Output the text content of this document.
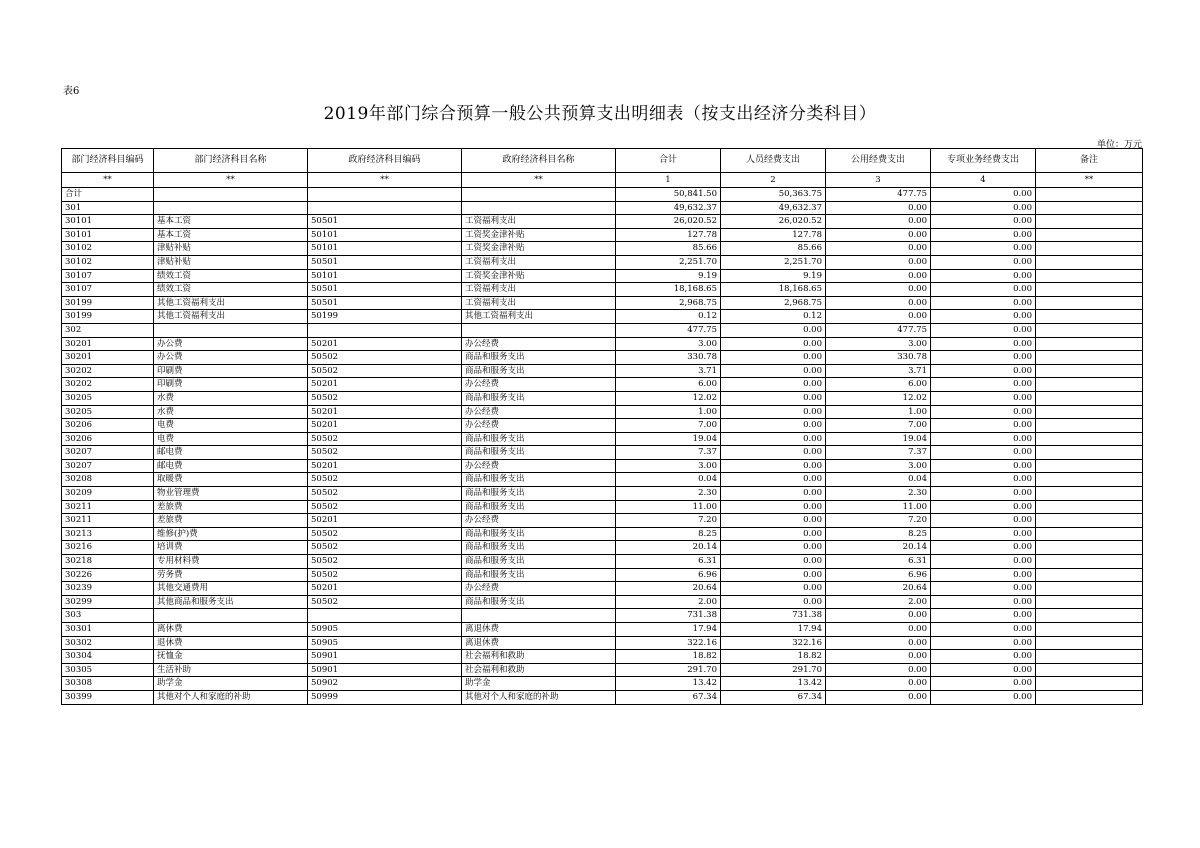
表6
2019年部门综合预算一般公共预算支出明细表（按支出经济分类科目）
单位：万元
部门经济科目编码	部门经济科目名称	政府经济科目编码	政府经济科目名称	合计	人员经费支出	公用经费支出	专项业务经费支出	备注
**	**	**	**	1	2	3	4	**
合计				50,841.50	50,363.75	477.75	0.00	
301				49,632.37	49,632.37	0.00	0.00	
30101	基本工资	50501	工资福利支出	26,020.52	26,020.52	0.00	0.00	
30101	基本工资	50101	工资奖金津补贴	127.78	127.78	0.00	0.00	
30102	津贴补贴	50101	工资奖金津补贴	85.66	85.66	0.00	0.00	
30102	津贴补贴	50501	工资福利支出	2,251.70	2,251.70	0.00	0.00	
30107	绩效工资	50101	工资奖金津补贴	9.19	9.19	0.00	0.00	
30107	绩效工资	50501	工资福利支出	18,168.65	18,168.65	0.00	0.00	
30199	其他工资福利支出	50501	工资福利支出	2,968.75	2,968.75	0.00	0.00	
30199	其他工资福利支出	50199	其他工资福利支出	0.12	0.12	0.00	0.00	
302				477.75	0.00	477.75	0.00	
30201	办公费	50201	办公经费	3.00	0.00	3.00	0.00	
30201	办公费	50502	商品和服务支出	330.78	0.00	330.78	0.00	
30202	印刷费	50502	商品和服务支出	3.71	0.00	3.71	0.00	
30202	印刷费	50201	办公经费	6.00	0.00	6.00	0.00	
30205	水费	50502	商品和服务支出	12.02	0.00	12.02	0.00	
30205	水费	50201	办公经费	1.00	0.00	1.00	0.00	
30206	电费	50201	办公经费	7.00	0.00	7.00	0.00	
30206	电费	50502	商品和服务支出	19.04	0.00	19.04	0.00	
30207	邮电费	50502	商品和服务支出	7.37	0.00	7.37	0.00	
30207	邮电费	50201	办公经费	3.00	0.00	3.00	0.00	
30208	取暖费	50502	商品和服务支出	0.04	0.00	0.04	0.00	
30209	物业管理费	50502	商品和服务支出	2.30	0.00	2.30	0.00	
30211	差旅费	50502	商品和服务支出	11.00	0.00	11.00	0.00	
30211	差旅费	50201	办公经费	7.20	0.00	7.20	0.00	
30213	维修(护)费	50502	商品和服务支出	8.25	0.00	8.25	0.00	
30216	培训费	50502	商品和服务支出	20.14	0.00	20.14	0.00	
30218	专用材料费	50502	商品和服务支出	6.31	0.00	6.31	0.00	
30226	劳务费	50502	商品和服务支出	6.96	0.00	6.96	0.00	
30239	其他交通费用	50201	办公经费	20.64	0.00	20.64	0.00	
30299	其他商品和服务支出	50502	商品和服务支出	2.00	0.00	2.00	0.00	
303				731.38	731.38	0.00	0.00	
30301	离休费	50905	离退休费	17.94	17.94	0.00	0.00	
30302	退休费	50905	离退休费	322.16	322.16	0.00	0.00	
30304	抚恤金	50901	社会福利和救助	18.82	18.82	0.00	0.00	
30305	生活补助	50901	社会福利和救助	291.70	291.70	0.00	0.00	
30308	助学金	50902	助学金	13.42	13.42	0.00	0.00	
30399	其他对个人和家庭的补助	50999	其他对个人和家庭的补助	67.34	67.34	0.00	0.00	
